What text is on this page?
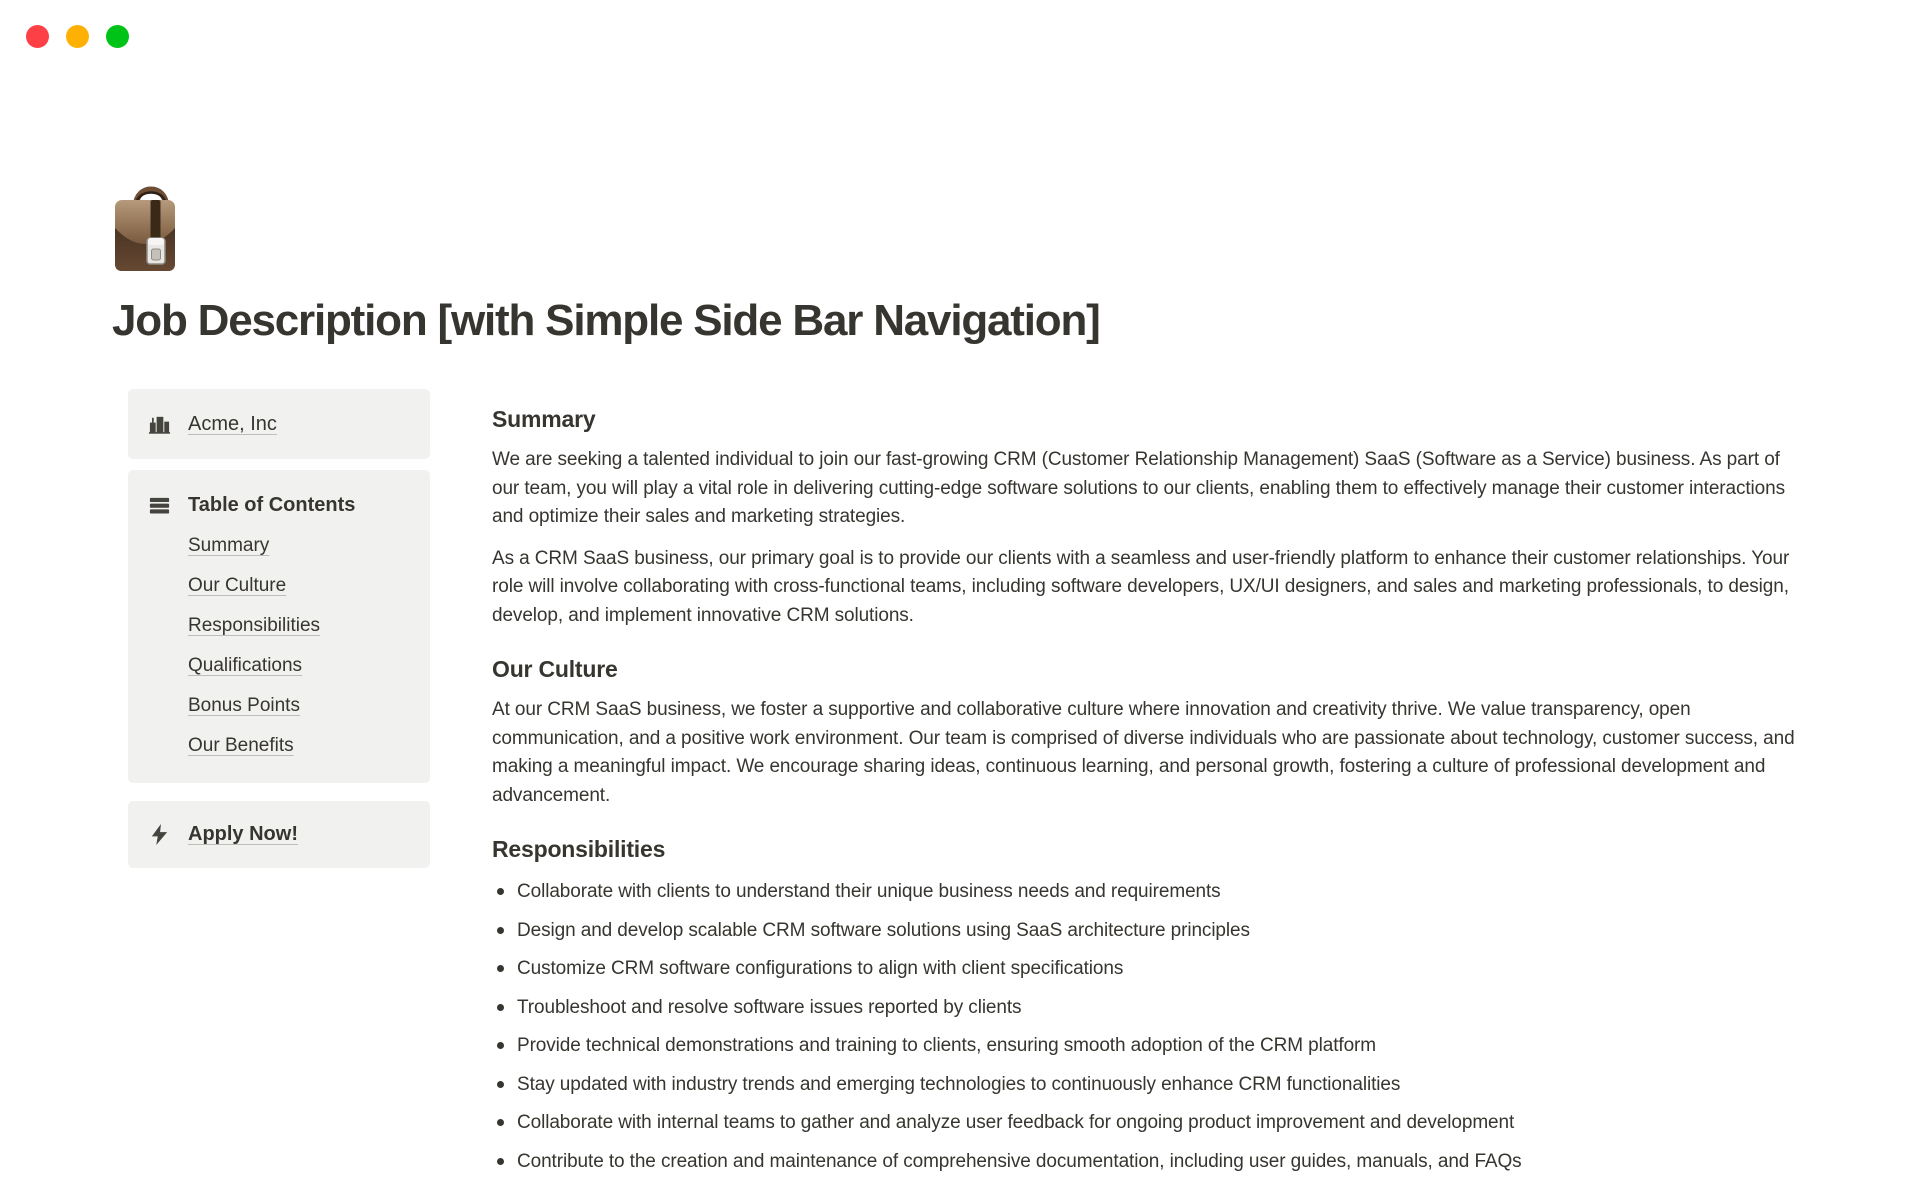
Job Description [with Simple Side Bar Navigation]
Acme, Inc
Table of Contents
Summary
Our Culture
Responsibilities
Qualifications
Bonus Points
Our Benefits
Apply Now!
Summary

We are seeking a talented individual to join our fast-growing CRM (Customer Relationship Management) SaaS (Software as a Service) business. As part of our team, you will play a vital role in delivering cutting-edge software solutions to our clients, enabling them to effectively manage their customer interactions and optimize their sales and marketing strategies.

As a CRM SaaS business, our primary goal is to provide our clients with a seamless and user-friendly platform to enhance their customer relationships. Your role will involve collaborating with cross-functional teams, including software developers, UX/UI designers, and sales and marketing professionals, to design, develop, and implement innovative CRM solutions.

Our Culture

At our CRM SaaS business, we foster a supportive and collaborative culture where innovation and creativity thrive. We value transparency, open communication, and a positive work environment. Our team is comprised of diverse individuals who are passionate about technology, customer success, and making a meaningful impact. We encourage sharing ideas, continuous learning, and personal growth, fostering a culture of professional development and advancement.

Responsibilities
Collaborate with clients to understand their unique business needs and requirements
Design and develop scalable CRM software solutions using SaaS architecture principles
Customize CRM software configurations to align with client specifications
Troubleshoot and resolve software issues reported by clients
Provide technical demonstrations and training to clients, ensuring smooth adoption of the CRM platform
Stay updated with industry trends and emerging technologies to continuously enhance CRM functionalities
Collaborate with internal teams to gather and analyze user feedback for ongoing product improvement and development
Contribute to the creation and maintenance of comprehensive documentation, including user guides, manuals, and FAQs
